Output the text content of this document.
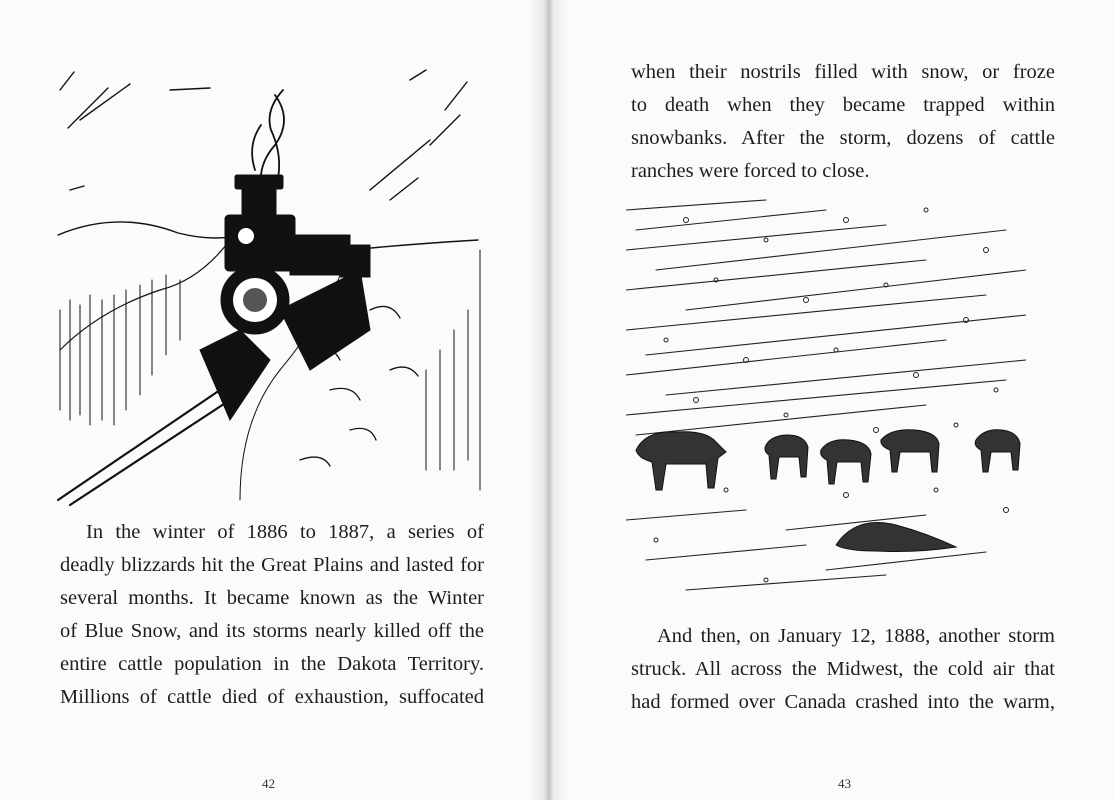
In the winter of 1886 to 1887, a series of
deadly blizzards hit the Great Plains and lasted for
several months. It became known as the Winter
of Blue Snow, and its storms nearly killed off the
entire cattle population in the Dakota Territory.
Millions of cattle died of exhaustion, suffocated
42
when their nostrils filled with snow, or froze
to death when they became trapped within
snowbanks. After the storm, dozens of cattle
ranches were forced to close.
And then, on January 12, 1888, another storm
struck. All across the Midwest, the cold air that
had formed over Canada crashed into the warm,
43
